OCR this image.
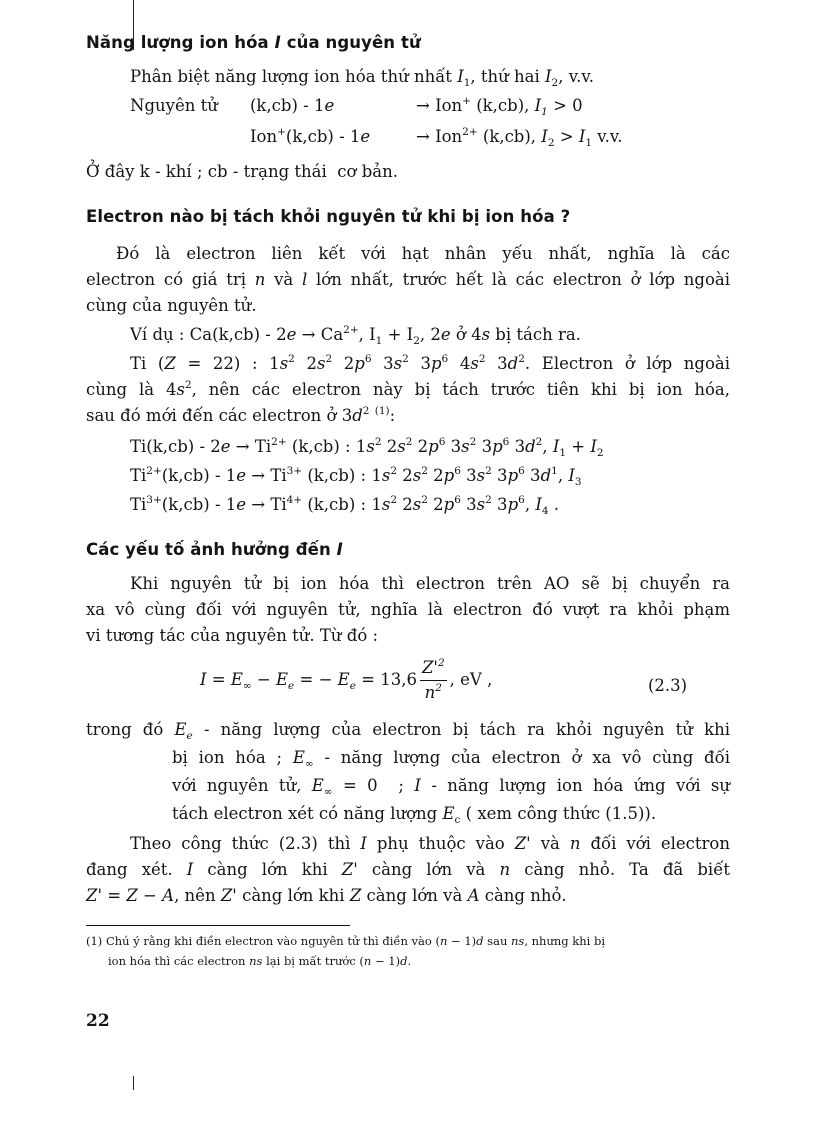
Năng lượng ion hóa I của nguyên tử
Phân biệt năng lượng ion hóa thứ nhất $I_1$, thứ hai $I_2$, v.v.
Nguyên tử (k,cb) - 1e	→ Ion+ (k,cb), $I_1 > 0$
Ion+(k,cb) - 1e	→ Ion$^{2+}$ (k,cb), $I_2 > I_1$ v.v.
Ở đây k - khí ; cb - trạng thái  cơ bản.
Electron nào bị tách khỏi nguyên tử khi bị ion hóa ?
Đó là electron liên kết với hạt nhân yếu nhất, nghĩa là các
electron có giá trị n và l lớn nhất, trước hết là các electron ở lớp ngoài
cùng của nguyên tử.
Ví dụ : $Ca(k,cb) - 2e \to Ca^{2+}$, $I_1 + I_2$, 2e ở 4s bị tách ra.
Ti (Z = 22) : $1s^2$ $2s^2$ $2p^6$ $3s^2$ $3p^6$ $4s^2$ $3d^2$. Electron ở lớp ngoài
cùng là $4s^2$, nên các electron này bị tách trước tiên khi bị ion hóa,
sau đó mới đến các electron ở $3d^2$ $^{(1)}$:
$Ti(k,cb) - 2e \to Ti^{2+}$ (k,cb) : $1s^2$ $2s^2$ $2p^6$ $3s^2$ $3p^6$ $3d^2$, $I_1 + I_2$
$Ti^{2+}(k,cb) - 1e \to Ti^{3+}$ (k,cb) : $1s^2$ $2s^2$ $2p^6$ $3s^2$ $3p^6$ $3d^1$, $I_3$
$Ti^{3+}(k,cb) - 1e \to Ti^{4+}$ (k,cb) : $1s^2$ $2s^2$ $2p^6$ $3s^2$ $3p^6$, $I_4$ .
Các yếu tố ảnh hưởng đến I
Khi nguyên tử bị ion hóa thì electron trên AO sẽ bị chuyển ra
xa vô cùng đối với nguyên tử, nghĩa là electron đó vượt ra khỏi phạm
vi tương tác của nguyên tử. Từ đó :
$I = E_\infty - E_e$ = − $E_e = 13,6 \frac{Z'^2}{n^2}$ , eV ,	(2.3)
trong đó $E_e$ - năng lượng của electron bị tách ra khỏi nguyên tử khi
bị ion hóa ; $E_\infty$ - năng lượng của electron ở xa vô cùng đối
với nguyên tử, $E_\infty = 0$  ; I - năng lượng ion hóa ứng với sự
tách electron xét có năng lượng $E_c$ ( xem công thức (1.5)).
Theo công thức (2.3) thì I phụ thuộc vào Z' và n đối với electron
đang xét. I càng lớn khi Z' càng lớn và n càng nhỏ. Ta đã biết
Z' = Z − A, nên Z' càng lớn khi Z càng lớn và A càng nhỏ.
(1) Chú ý rằng khi điền electron vào nguyên tử thì điền vào (n − 1)d sau ns, nhưng khi bị
ion hóa thì các electron ns lại bị mất trước (n − 1)d.
22
